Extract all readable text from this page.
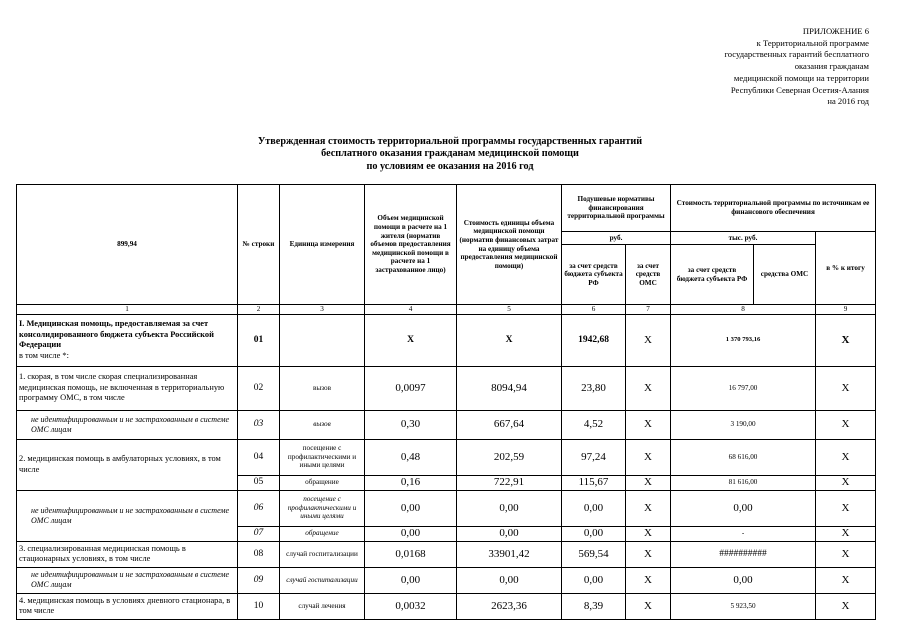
ПРИЛОЖЕНИЕ 6
к Территориальной программе
государственных гарантий бесплатного
оказания гражданам
медицинской помощи на территории
Республики Северная Осетия-Алания
на 2016 год
Утвержденная стоимость территориальной программы государственных гарантий
бесплатного оказания гражданам медицинской помощи
по условиям ее оказания на 2016 год
899,94	№ строки	Единица измерения	Объем медицинской помощи в расчете на 1 жителя (норматив объемов предоставления медицинской помощи в расчете на 1 застрахованное лицо)	Стоимость единицы объема медицинской помощи (норматив финансовых затрат на единицу объема предоставления медицинской помощи)	Подушевые нормативы финансирования территориальной программы		Стоимость территориальной программы по источникам ее финансового обеспечения			
					руб.		тыс. руб.		в % к итогу	
					за счет средств бюджета субъекта РФ	за счет средств ОМС	за счет средств бюджета субъекта РФ	средства ОМС		
1	2	3	4	5	6	7	8		9	

I. Медицинская помощь, предоставляемая за счет консолидированного бюджета субъекта Российской Федерации
в том числе *:	01		X	X	1942,68	X	1 370 793,16		X	
1. скорая, в том числе скорая специализированная медицинская помощь, не включенная в территориальную программу ОМС, в том числе	02	вызов	0,0097	8094,94	23,80	X	16 797,00		X	
не идентифицированным и не застрахованным в системе ОМС лицам	03	вызов	0,30	667,64	4,52	X	3 190,00		X	
2. медицинская помощь в амбулаторных условиях, в том числе	04	посещение с профилактическими и иными целями	0,48	202,59	97,24	X	68 616,00		X	
	05	обращение	0,16	722,91	115,67	X	81 616,00		X	
не идентифицированным и не застрахованным в системе ОМС лицам	06	посещение с профилактическими и иными целями	0,00	0,00	0,00	X	0,00		X	
	07	обращение	0,00	0,00	0,00	X	-		X	
3. специализированная медицинская помощь в стационарных условиях, в том числе	08	случай госпитализации	0,0168	33901,42	569,54	X	##########		X	
не идентифицированным и не застрахованным в системе ОМС лицам	09	случай госпитализации	0,00	0,00	0,00	X	0,00		X	
4. медицинская помощь в условиях дневного стационара, в том числе	10	случай лечения	0,0032	2623,36	8,39	X	5 923,50		X	
